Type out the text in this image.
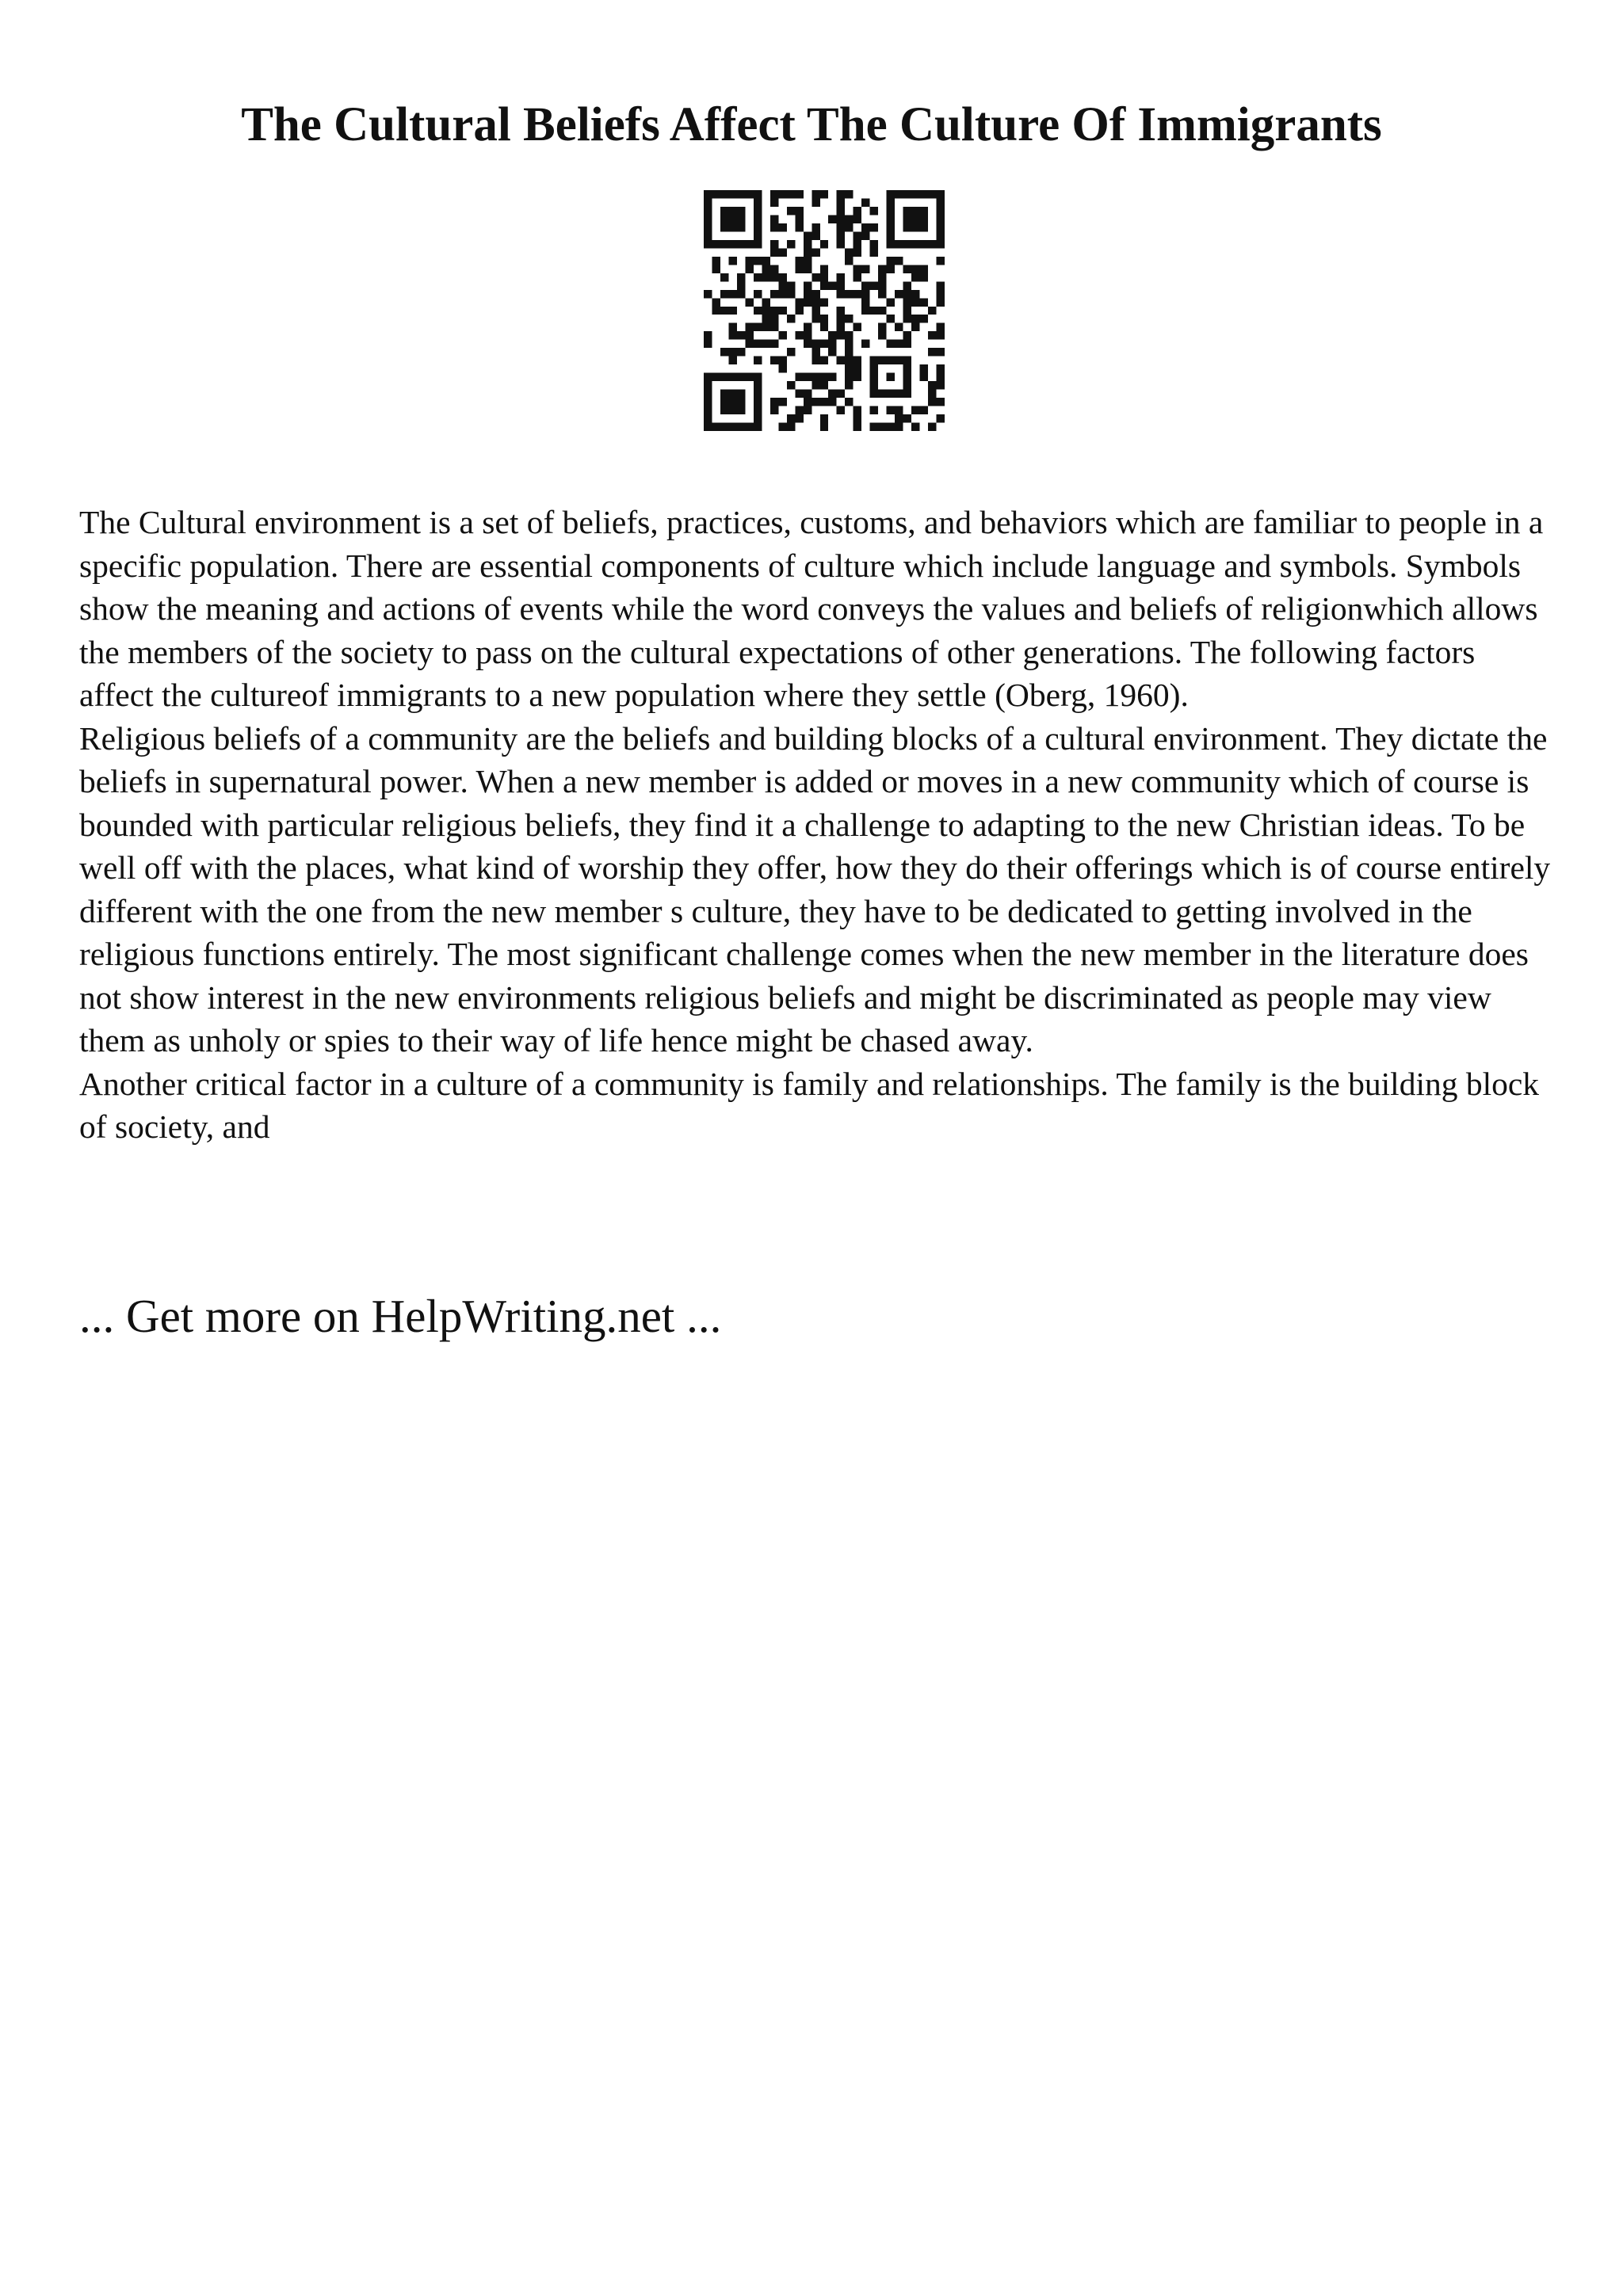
The Cultural Beliefs Affect The Culture Of Immigrants

The Cultural environment is a set of beliefs, practices, customs, and behaviors which are familiar to people in a specific population. There are essential components of culture which include language and symbols. Symbols show the meaning and actions of events while the word conveys the values and beliefs of religionwhich allows the members of the society to pass on the cultural expectations of other generations. The following factors affect the cultureof immigrants to a new population where they settle (Oberg, 1960).

Religious beliefs of a community are the beliefs and building blocks of a cultural environment. They dictate the beliefs in supernatural power. When a new member is added or moves in a new community which of course is bounded with particular religious beliefs, they find it a challenge to adapting to the new Christian ideas. To be well off with the places, what kind of worship they offer, how they do their offerings which is of course entirely different with the one from the new member s culture, they have to be dedicated to getting involved in the religious functions entirely. The most significant challenge comes when the new member in the literature does not show interest in the new environments religious beliefs and might be discriminated as people may view them as unholy or spies to their way of life hence might be chased away.

Another critical factor in a culture of a community is family and relationships. The family is the building block of society, and

... Get more on HelpWriting.net ...
